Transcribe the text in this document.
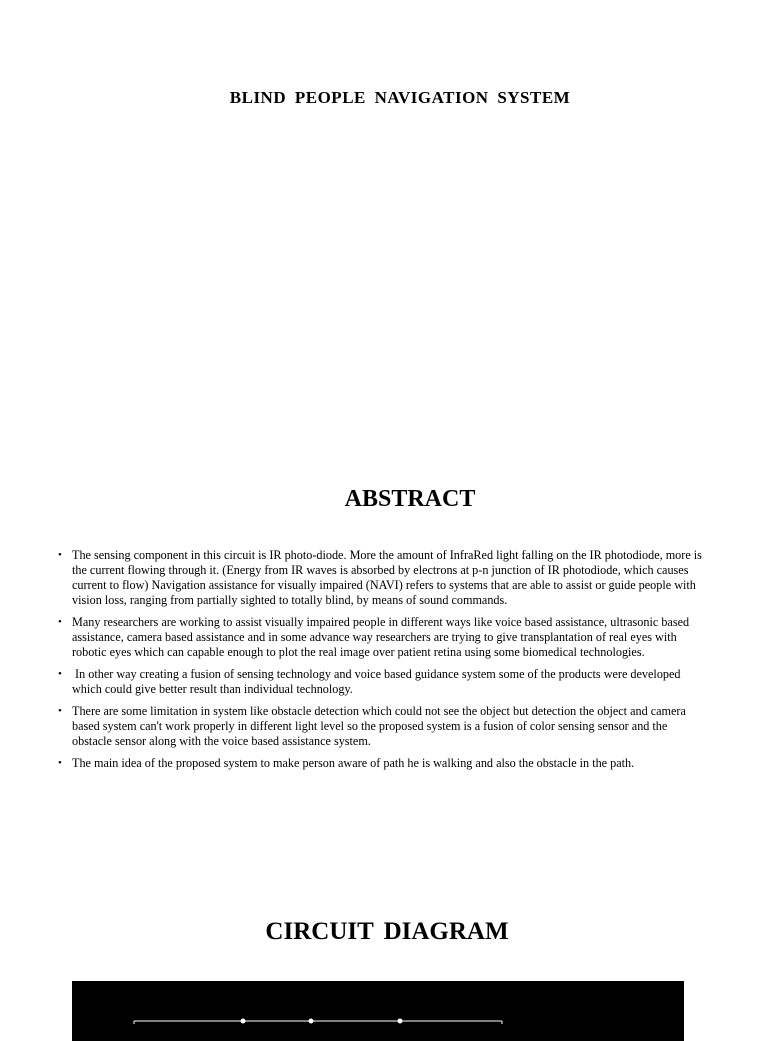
BLIND PEOPLE NAVIGATION SYSTEM
ABSTRACT
• The sensing component in this circuit is IR photo-diode. More the amount of InfraRed light falling on the IR photodiode, more is the current flowing through it. (Energy from IR waves is absorbed by electrons at p-n junction of IR photodiode, which causes current to flow) Navigation assistance for visually impaired (NAVI) refers to systems that are able to assist or guide people with vision loss, ranging from partially sighted to totally blind, by means of sound commands.
• Many researchers are working to assist visually impaired people in different ways like voice based assistance, ultrasonic based assistance, camera based assistance and in some advance way researchers are trying to give transplantation of real eyes with robotic eyes which can capable enough to plot the real image over patient retina using some biomedical technologies.
• In other way creating a fusion of sensing technology and voice based guidance system some of the products were developed which could give better result than individual technology.
• There are some limitation in system like obstacle detection which could not see the object but detection the object and camera based system can't work properly in different light level so the proposed system is a fusion of color sensing sensor and the obstacle sensor along with the voice based assistance system.
• The main idea of the proposed system to make person aware of path he is walking and also the obstacle in the path.
CIRCUIT DIAGRAM
